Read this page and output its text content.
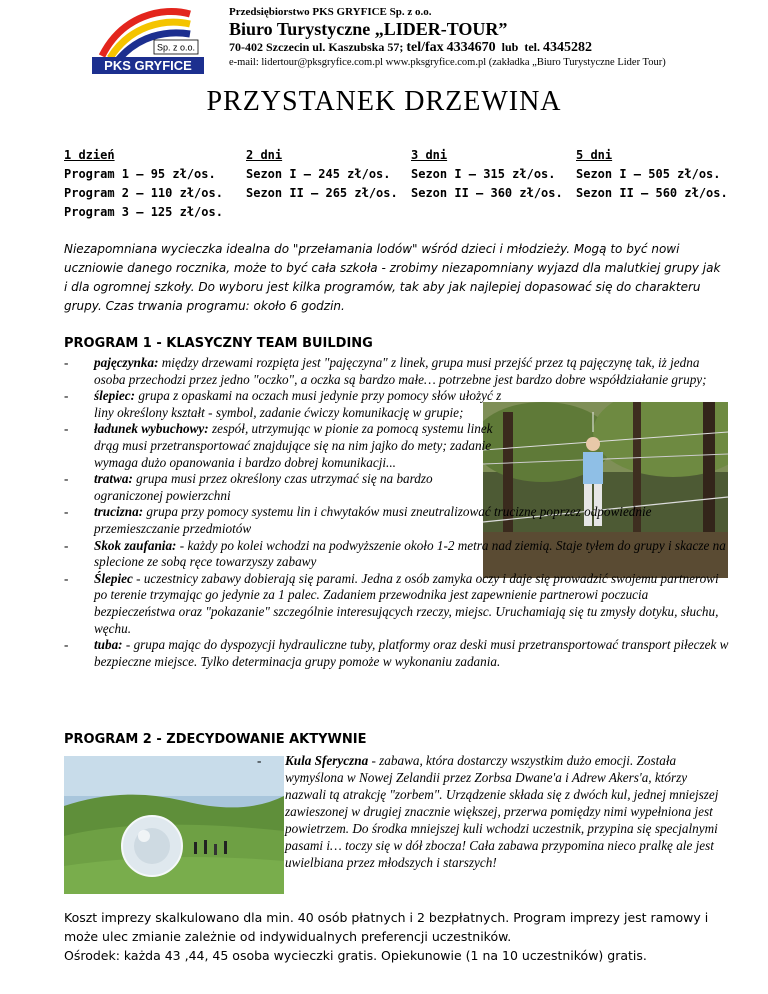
Sp. z o.o.
PKS GRYFICE
Przedsiębiorstwo PKS GRYFICE Sp. z o.o.
Biuro Turystyczne „LIDER-TOUR”
70-402 Szczecin ul. Kaszubska 57; tel/fax 4334670 lub tel. 4345282
e-mail: lidertour@pksgryfice.com.pl www.pksgryfice.com.pl (zakładka „Biuro Turystyczne Lider Tour)
PRZYSTANEK DRZEWINA
1 dzień
Program 1 – 95 zł/os.
Program 2 – 110 zł/os.
Program 3 – 125 zł/os.
2 dni
Sezon I – 245 zł/os.
Sezon II – 265 zł/os.
3 dni
Sezon I – 315 zł/os.
Sezon II – 360 zł/os.
5 dni
Sezon I – 505 zł/os.
Sezon II – 560 zł/os.
Niezapomniana wycieczka idealna do "przełamania lodów" wśród dzieci i młodzieży. Mogą to być nowi uczniowie danego rocznika, może to być cała szkoła - zrobimy niezapomniany wyjazd dla malutkiej grupy jak i dla ogromnej szkoły. Do wyboru jest kilka programów, tak aby jak najlepiej dopasować się do charakteru grupy. Czas trwania programu: około 6 godzin.
PROGRAM 1 - KLASYCZNY TEAM BUILDING
- pajęczynka: między drzewami rozpięta jest "pajęczyna" z linek, grupa musi przejść przez tą pajęczynę tak, iż jedna osoba przechodzi przez jedno "oczko", a oczka są bardzo małe… potrzebne jest bardzo dobre współdziałanie grupy;
- ślepiec: grupa z opaskami na oczach musi jedynie przy pomocy słów ułożyć z liny określony kształt - symbol, zadanie ćwiczy komunikację w grupie;
- ładunek wybuchowy: zespół, utrzymując w pionie za pomocą systemu linek drąg musi przetransportować znajdujące się na nim jajko do mety; zadanie wymaga dużo opanowania i bardzo dobrej komunikacji...
- tratwa: grupa musi przez określony czas utrzymać się na bardzo ograniczonej powierzchni
- trucizna: grupa przy pomocy systemu lin i chwytaków musi zneutralizować truciznę poprzez odpowiednie przemieszczanie przedmiotów
- Skok zaufania: - każdy po kolei wchodzi na podwyższenie około 1-2 metra nad ziemią. Staje tyłem do grupy i skacze na splecione ze sobą ręce towarzyszy zabawy
- Ślepiec - uczestnicy zabawy dobierają się parami. Jedna z osób zamyka oczy i daje się prowadzić swojemu partnerowi po terenie trzymając go jedynie za 1 palec. Zadaniem przewodnika jest zapewnienie partnerowi poczucia bezpieczeństwa oraz "pokazanie" szczególnie interesujących rzeczy, miejsc. Uruchamiają się tu zmysły dotyku, słuchu, węchu.
- tuba: - grupa mając do dyspozycji hydrauliczne tuby, platformy oraz deski musi przetransportować transport piłeczek w bezpieczne miejsce. Tylko determinacja grupy pomoże w wykonaniu zadania.
PROGRAM 2 - ZDECYDOWANIE AKTYWNIE
- Kula Sferyczna - zabawa, która dostarczy wszystkim dużo emocji. Została wymyślona w Nowej Zelandii przez Zorbsa Dwane'a i Adrew Akers'a, którzy nazwali tą atrakcję "zorbem". Urządzenie składa się z dwóch kul, jednej mniejszej zawieszonej w drugiej znacznie większej, przerwa pomiędzy nimi wypełniona jest powietrzem. Do środka mniejszej kuli wchodzi uczestnik, przypina się specjalnymi pasami i… toczy się w dół zbocza! Cała zabawa przypomina nieco pralkę ale jest uwielbiana przez młodszych i starszych!
Koszt imprezy skalkulowano dla min. 40 osób płatnych i 2 bezpłatnych. Program imprezy jest ramowy i może ulec zmianie zależnie od indywidualnych preferencji uczestników.
Ośrodek: każda 43 ,44, 45 osoba wycieczki gratis. Opiekunowie (1 na 10 uczestników) gratis.
